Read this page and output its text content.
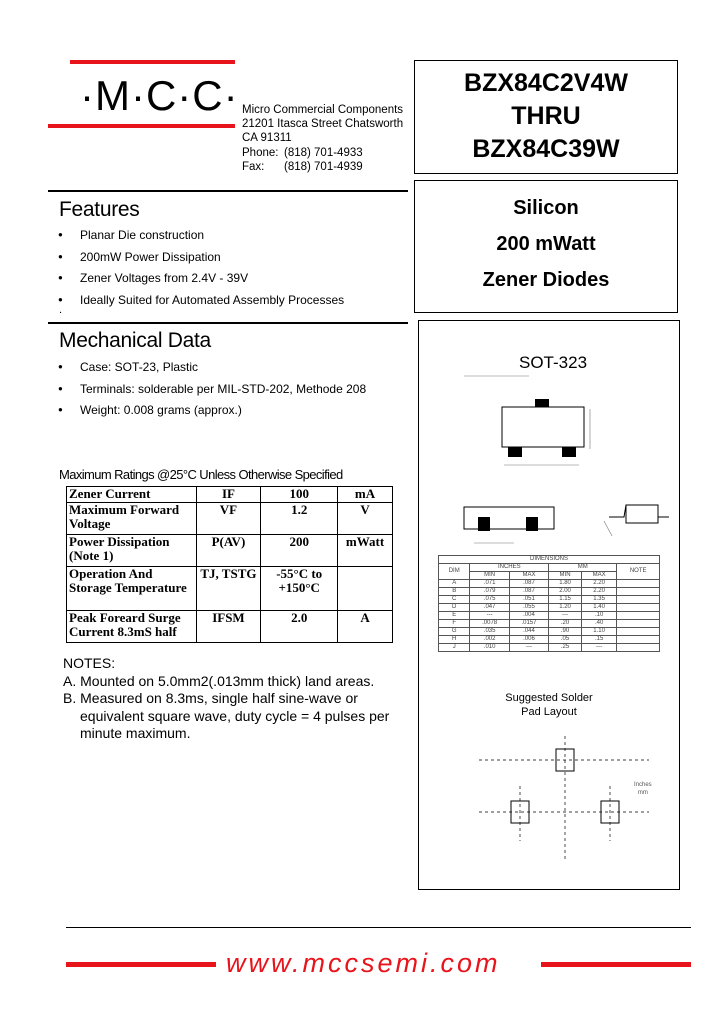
·M·C·C· Micro Commercial Components
21201 Itasca Street Chatsworth
CA 91311
Phone: (818) 701-4933
Fax:	(818) 701-4939
BZX84C2V4W
THRU
BZX84C39W
Silicon
200 mWatt
Zener Diodes
Features
● Planar Die construction
● 200mW Power Dissipation
● Zener Voltages from 2.4V - 39V
● Ideally Suited for Automated Assembly Processes
.
Mechanical Data
● Case: SOT-23, Plastic
● Terminals: solderable per MIL-STD-202, Methode 208
● Weight: 0.008 grams (approx.)
Maximum Ratings @25°C Unless Otherwise Specified
Zener Current	IF	100	mA
Maximum Forward Voltage	VF	1.2	V
Power Dissipation (Note 1)	P(AV)	200	mWatt
Operation And Storage Temperature	TJ, TSTG	-55°C to +150°C	
Peak Foreard Surge Current 8.3mS half	IFSM	2.0	A
NOTES:
A. Mounted on 5.0mm2(.013mm thick) land areas.
B. Measured on 8.3ms, single half sine-wave or
equivalent square wave, duty cycle = 4 pulses per
minute maximum.
SOT-323
DIMENSIONS					
DIM	INCHES		MM		NOTE
	MIN	MAX	MIN	MAX	
A	.071	.087	1.80	2.20	
B	.079	.087	2.00	2.20	
C	.075	.051	1.15	1.35	
D	.047	.055	1.20	1.40	
E	---	.004	---	.10	
F	.0078	.0157	.20	.40	
G	.035	.044	.90	1.10	
H	.002	.006	.05	.15	
J	.010	---	.25	---	
Suggested Solder
Pad Layout
Inches
mm
www.mccsemi.com
